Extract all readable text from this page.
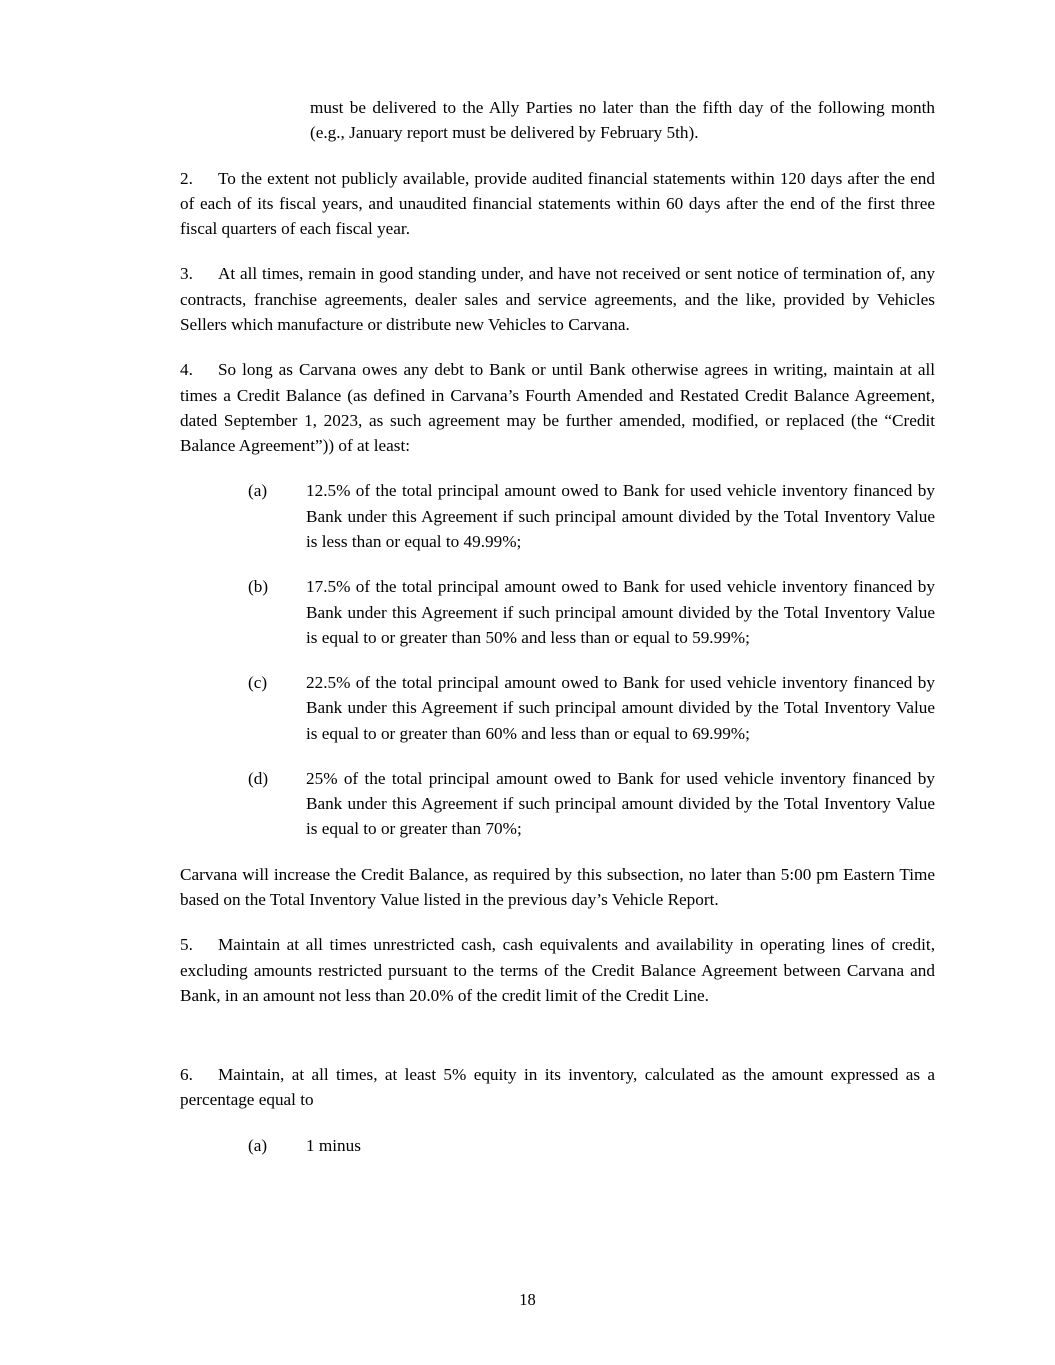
must be delivered to the Ally Parties no later than the fifth day of the following month (e.g., January report must be delivered by February 5th).

2. To the extent not publicly available, provide audited financial statements within 120 days after the end of each of its fiscal years, and unaudited financial statements within 60 days after the end of the first three fiscal quarters of each fiscal year.

3. At all times, remain in good standing under, and have not received or sent notice of termination of, any contracts, franchise agreements, dealer sales and service agreements, and the like, provided by Vehicles Sellers which manufacture or distribute new Vehicles to Carvana.

4. So long as Carvana owes any debt to Bank or until Bank otherwise agrees in writing, maintain at all times a Credit Balance (as defined in Carvana’s Fourth Amended and Restated Credit Balance Agreement, dated September 1, 2023, as such agreement may be further amended, modified, or replaced (the “Credit Balance Agreement”)) of at least:

(a)	12.5% of the total principal amount owed to Bank for used vehicle inventory financed by Bank under this Agreement if such principal amount divided by the Total Inventory Value is less than or equal to 49.99%;
(b)	17.5% of the total principal amount owed to Bank for used vehicle inventory financed by Bank under this Agreement if such principal amount divided by the Total Inventory Value is equal to or greater than 50% and less than or equal to 59.99%;
(c)	22.5% of the total principal amount owed to Bank for used vehicle inventory financed by Bank under this Agreement if such principal amount divided by the Total Inventory Value is equal to or greater than 60% and less than or equal to 69.99%;
(d)	25% of the total principal amount owed to Bank for used vehicle inventory financed by Bank under this Agreement if such principal amount divided by the Total Inventory Value is equal to or greater than 70%;

Carvana will increase the Credit Balance, as required by this subsection, no later than 5:00 pm Eastern Time based on the Total Inventory Value listed in the previous day’s Vehicle Report.

5. Maintain at all times unrestricted cash, cash equivalents and availability in operating lines of credit, excluding amounts restricted pursuant to the terms of the Credit Balance Agreement between Carvana and Bank, in an amount not less than 20.0% of the credit limit of the Credit Line.

6. Maintain, at all times, at least 5% equity in its inventory, calculated as the amount expressed as a percentage equal to

(a)	1 minus
18
